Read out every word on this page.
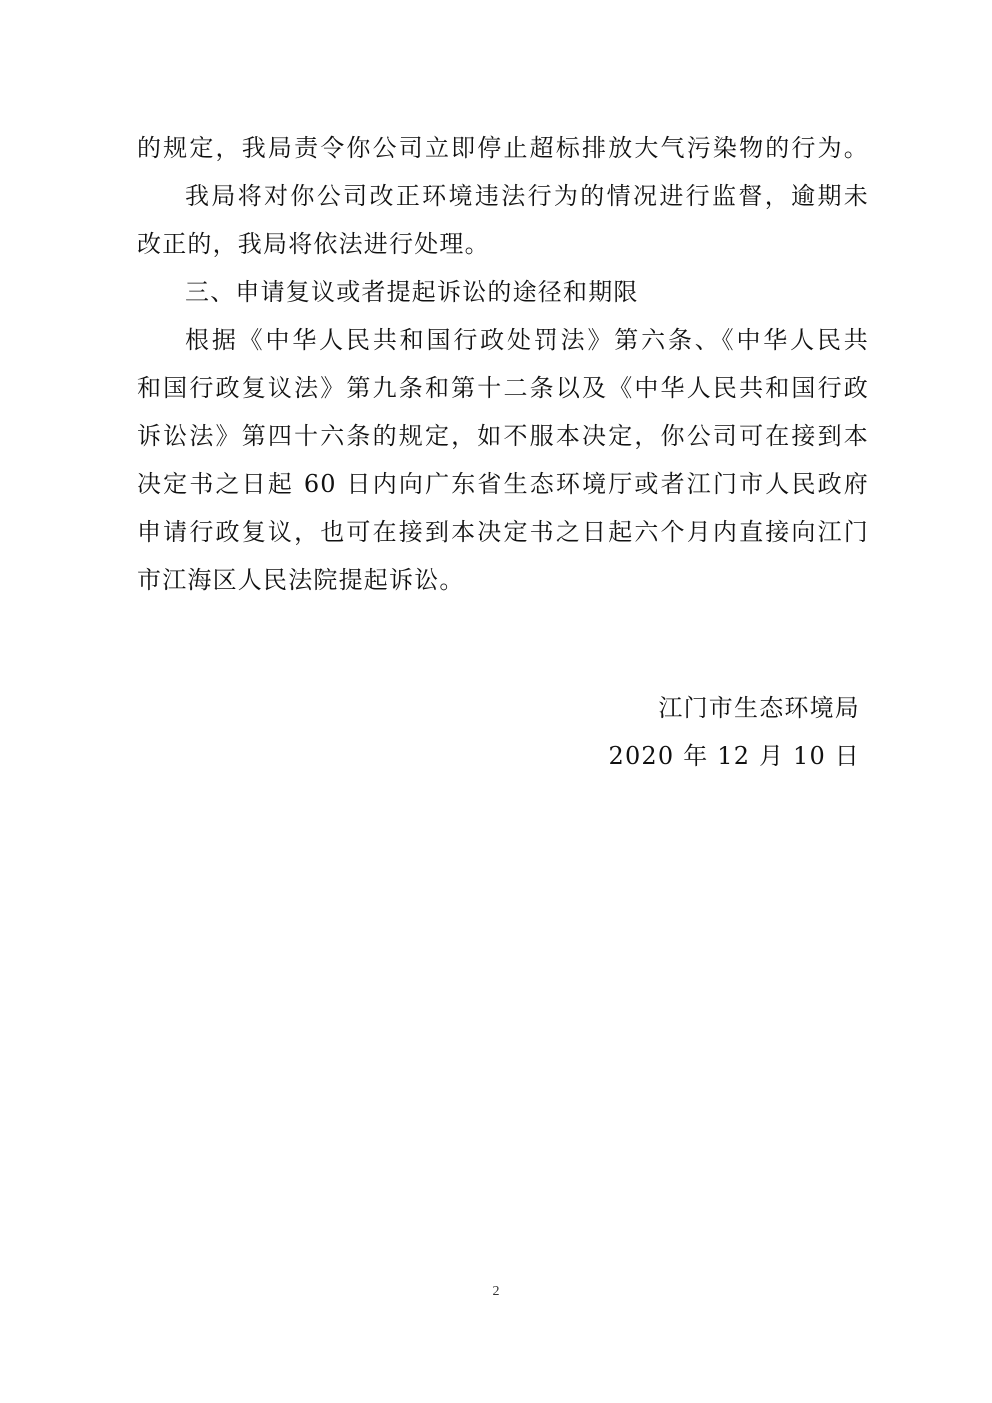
的规定，我局责令你公司立即停止超标排放大气污染物的行为。
我局将对你公司改正环境违法行为的情况进行监督，逾期未
改正的，我局将依法进行处理。
三、申请复议或者提起诉讼的途径和期限
根据《中华人民共和国行政处罚法》第六条、《中华人民共
和国行政复议法》第九条和第十二条以及《中华人民共和国行政
诉讼法》第四十六条的规定，如不服本决定，你公司可在接到本
决定书之日起 60 日内向广东省生态环境厅或者江门市人民政府
申请行政复议，也可在接到本决定书之日起六个月内直接向江门
市江海区人民法院提起诉讼。
江门市生态环境局
2020 年 12 月 10 日
2
